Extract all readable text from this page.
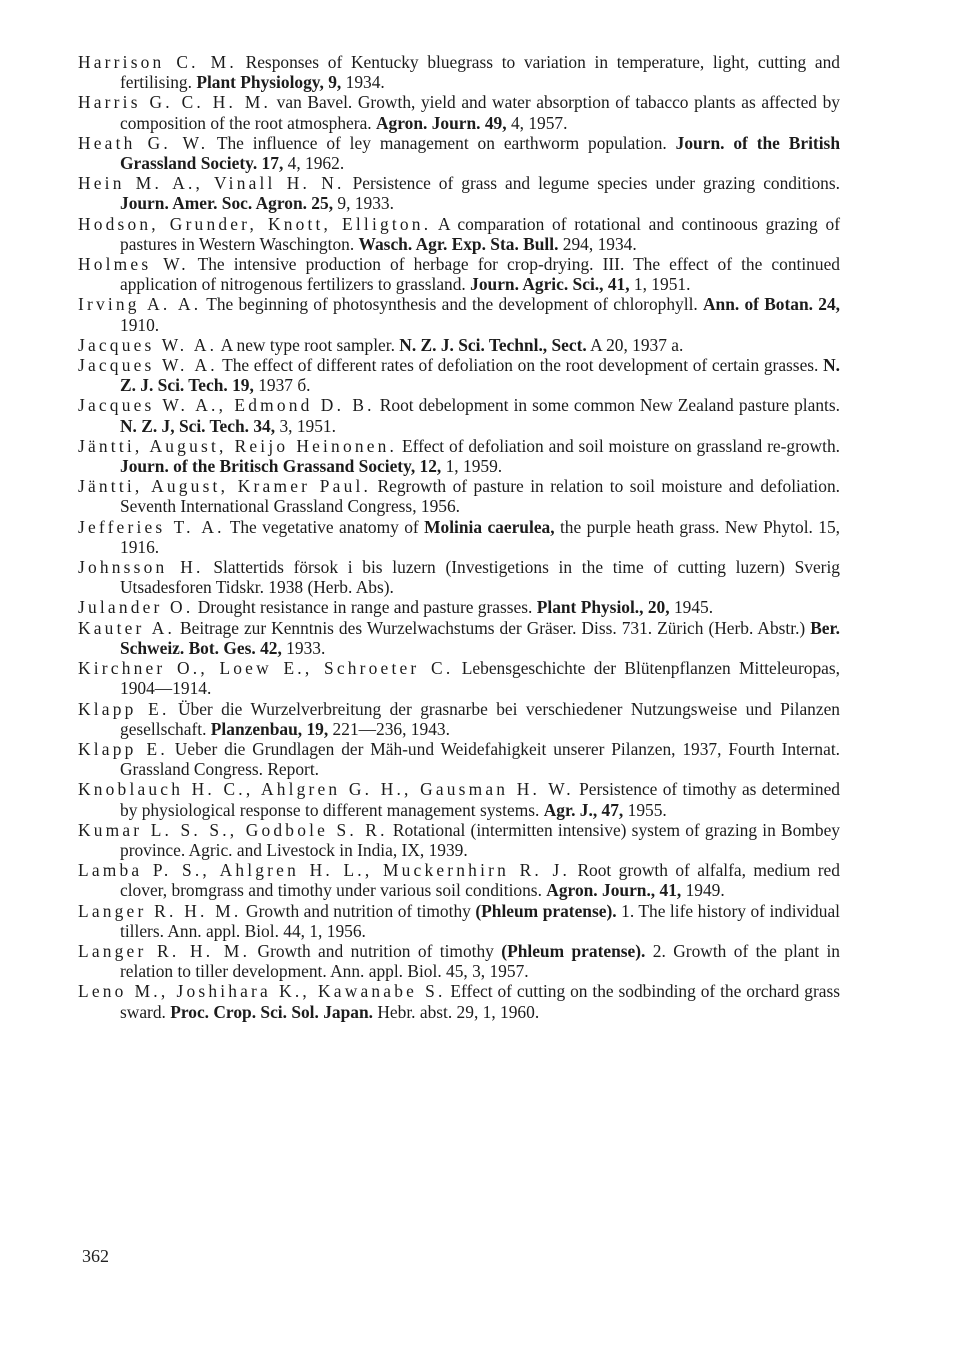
Harrison C. M. Responses of Kentucky bluegrass to variation in temperature, light, cutting and fertilising. Plant Physiology, 9, 1934.

Harris G. C. H. M. van Bavel. Growth, yield and water absorption of tabacco plants as affected by composition of the root atmosphera. Agron. Journ. 49, 4, 1957.

Heath G. W. The influence of ley management on earthworm population. Journ. of the British Grassland Society. 17, 4, 1962.

Hein M. A., Vinall H. N. Persistence of grass and legume species under grazing conditions. Journ. Amer. Soc. Agron. 25, 9, 1933.

Hodson, Grunder, Knott, Elligton. A comparation of rotational and continoous grazing of pastures in Western Waschington. Wasch. Agr. Exp. Sta. Bull. 294, 1934.

Holmes W. The intensive production of herbage for crop-drying. III. The effect of the continued application of nitrogenous fertilizers to grassland. Journ. Agric. Sci., 41, 1, 1951.

Irving A. A. The beginning of photosynthesis and the development of chlorophyll. Ann. of Botan. 24, 1910.

Jacques W. A. A new type root sampler. N. Z. J. Sci. Technl., Sect. A 20, 1937 a.

Jacques W. A. The effect of different rates of defoliation on the root development of certain grasses. N. Z. J. Sci. Tech. 19, 1937 б.

Jacques W. A., Edmond D. B. Root debelopment in some common New Zealand pasture plants. N. Z. J, Sci. Tech. 34, 3, 1951.

Jäntti, August, Reijo Heinonen. Effect of defoliation and soil moisture on grassland re-growth. Journ. of the Britisch Grassand Society, 12, 1, 1959.

Jäntti, August, Kramer Paul. Regrowth of pasture in relation to soil moisture and defoliation. Seventh International Grassland Congress, 1956.

Jefferies T. A. The vegetative anatomy of Molinia caerulea, the purple heath grass. New Phytol. 15, 1916.

Johnsson H. Slattertids försok i bis luzern (Investigetions in the time of cutting luzern) Sverig Utsadesforen Tidskr. 1938 (Herb. Abs).

Julander O. Drought resistance in range and pasture grasses. Plant Physiol., 20, 1945.

Kauter A. Beitrage zur Kenntnis des Wurzelwachstums der Gräser. Diss. 731. Zürich (Herb. Abstr.) Ber. Schweiz. Bot. Ges. 42, 1933.

Kirchner O., Loew E., Schroeter C. Lebensgeschichte der Blütenpflanzen Mitteleuropas, 1904—1914.

Klapp E. Über die Wurzelverbreitung der grasnarbe bei verschiedener Nutzungsweise und Pilanzen gesellschaft. Planzenbau, 19, 221—236, 1943.

Klapp E. Ueber die Grundlagen der Mäh-und Weidefahigkeit unserer Pilanzen, 1937, Fourth Internat. Grassland Congress. Report.

Knoblauch H. C., Ahlgren G. H., Gausman H. W. Persistence of timothy as determined by physiological response to different management systems. Agr. J., 47, 1955.

Kumar L. S. S., Godbole S. R. Rotational (intermitten intensive) system of grazing in Bombey province. Agric. and Livestock in India, IX, 1939.

Lamba P. S., Ahlgren H. L., Muckernhirn R. J. Root growth of alfalfa, medium red clover, bromgrass and timothy under various soil conditions. Agron. Journ., 41, 1949.

Langer R. H. M. Growth and nutrition of timothy (Phleum pratense). 1. The life history of individual tillers. Ann. appl. Biol. 44, 1, 1956.

Langer R. H. M. Growth and nutrition of timothy (Phleum pratense). 2. Growth of the plant in relation to tiller development. Ann. appl. Biol. 45, 3, 1957.

Leno M., Joshihara K., Kawanabe S. Effect of cutting on the sodbinding of the orchard grass sward. Proc. Crop. Sci. Sol. Japan. Hebr. abst. 29, 1, 1960.

362
